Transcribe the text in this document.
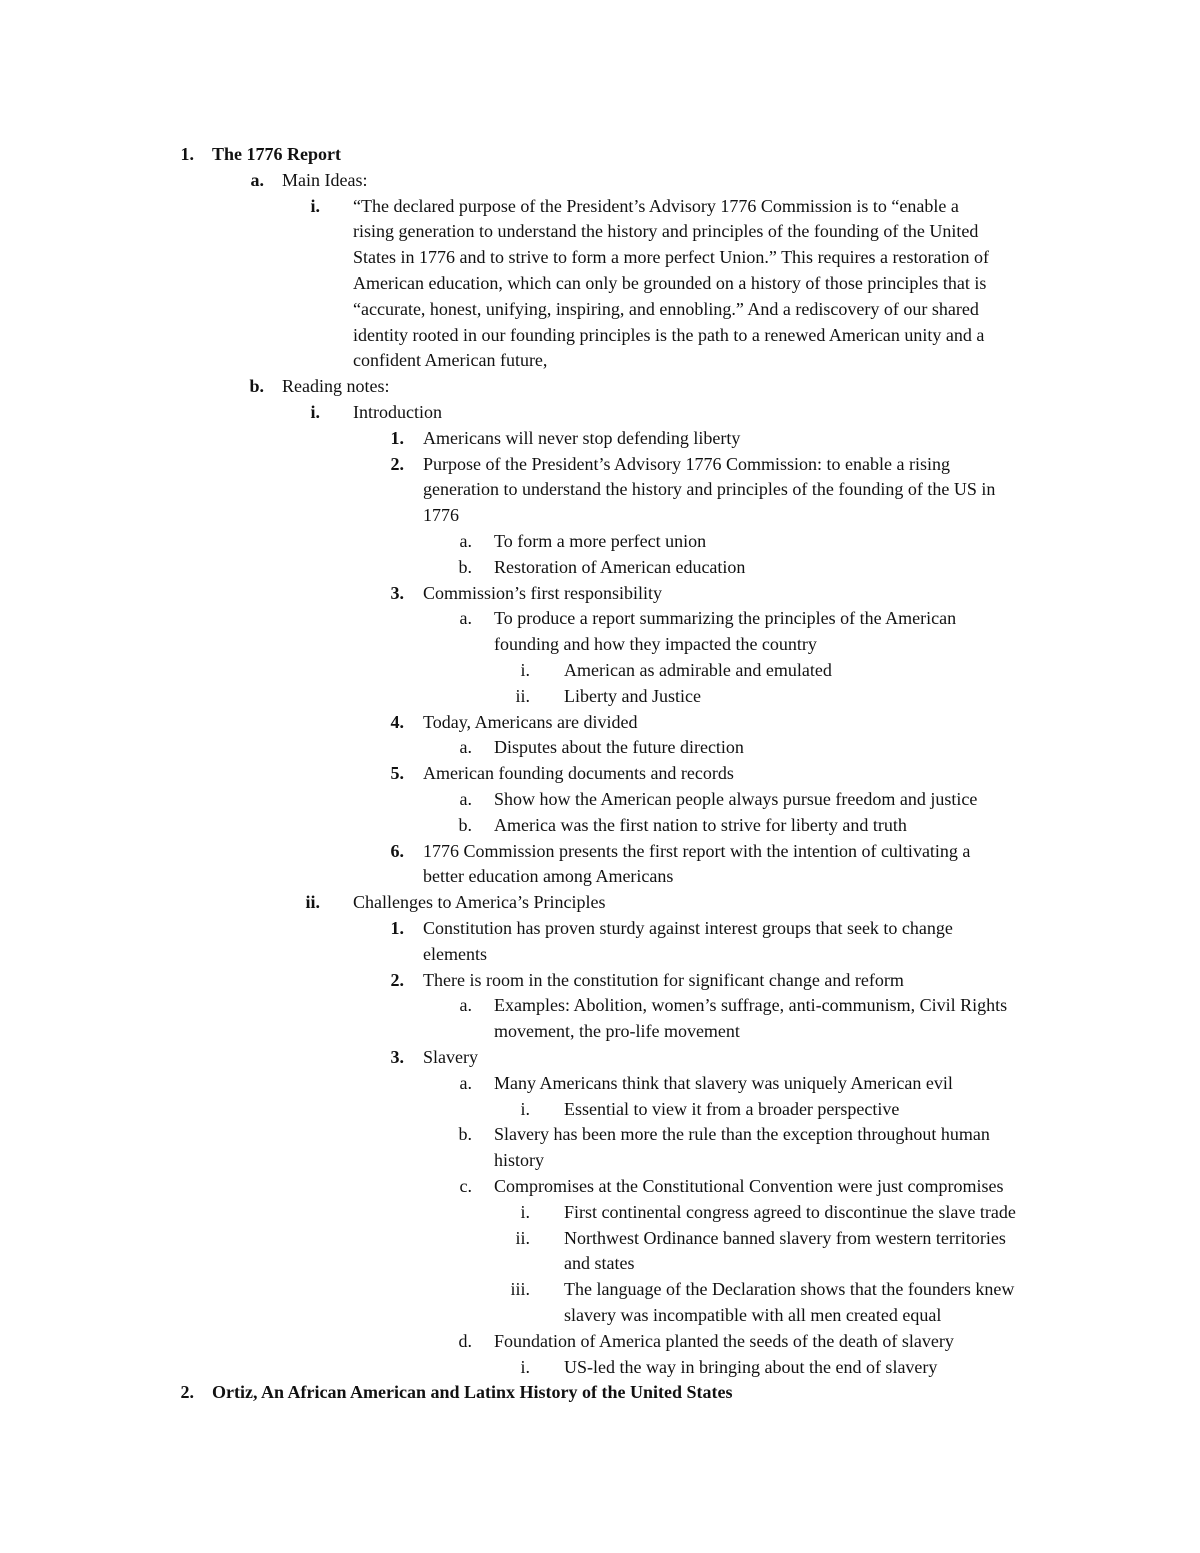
1. The 1776 Report
a. Main Ideas:
i. “The declared purpose of the President’s Advisory 1776 Commission is to “enable a
rising generation to understand the history and principles of the founding of the United
States in 1776 and to strive to form a more perfect Union.” This requires a restoration of
American education, which can only be grounded on a history of those principles that is
“accurate, honest, unifying, inspiring, and ennobling.” And a rediscovery of our shared
identity rooted in our founding principles is the path to a renewed American unity and a
confident American future,
b. Reading notes:
i. Introduction
1. Americans will never stop defending liberty
2. Purpose of the President’s Advisory 1776 Commission: to enable a rising
generation to understand the history and principles of the founding of the US in
1776
a. To form a more perfect union
b. Restoration of American education
3. Commission’s first responsibility
a. To produce a report summarizing the principles of the American
founding and how they impacted the country
i. American as admirable and emulated
ii. Liberty and Justice
4. Today, Americans are divided
a. Disputes about the future direction
5. American founding documents and records
a. Show how the American people always pursue freedom and justice
b. America was the first nation to strive for liberty and truth
6. 1776 Commission presents the first report with the intention of cultivating a
better education among Americans
ii. Challenges to America’s Principles
1. Constitution has proven sturdy against interest groups that seek to change
elements
2. There is room in the constitution for significant change and reform
a. Examples: Abolition, women’s suffrage, anti-communism, Civil Rights
movement, the pro-life movement
3. Slavery
a. Many Americans think that slavery was uniquely American evil
i. Essential to view it from a broader perspective
b. Slavery has been more the rule than the exception throughout human
history
c. Compromises at the Constitutional Convention were just compromises
i. First continental congress agreed to discontinue the slave trade
ii. Northwest Ordinance banned slavery from western territories
and states
iii. The language of the Declaration shows that the founders knew
slavery was incompatible with all men created equal
d. Foundation of America planted the seeds of the death of slavery
i. US-led the way in bringing about the end of slavery
2. Ortiz, An African American and Latinx History of the United States
